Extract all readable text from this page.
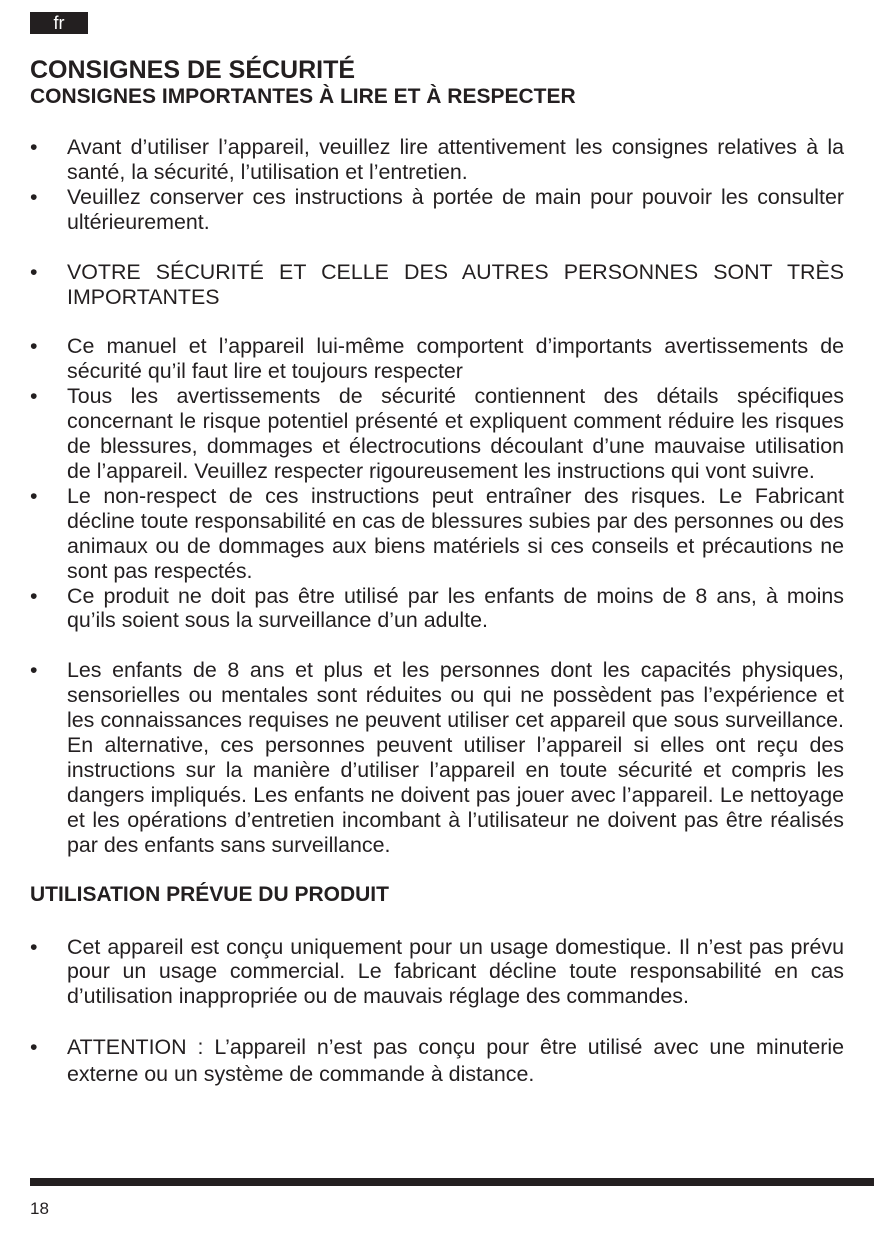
fr
CONSIGNES DE SÉCURITÉ
CONSIGNES IMPORTANTES À LIRE ET À RESPECTER
• Avant d’utiliser l’appareil, veuillez lire attentivement les consignes relatives à la santé, la sécurité, l’utilisation et l’entretien.
• Veuillez conserver ces instructions à portée de main pour pouvoir les consulter ultérieurement.
• VOTRE SÉCURITÉ ET CELLE DES AUTRES PERSONNES SONT TRÈS IMPORTANTES
• Ce manuel et l’appareil lui-même comportent d’importants avertissements de sécurité qu’il faut lire et toujours respecter
• Tous les avertissements de sécurité contiennent des détails spécifiques concernant le risque potentiel présenté et expliquent comment réduire les risques de blessures, dommages et électrocutions découlant d’une mauvaise utilisation de l’appareil. Veuillez respecter rigoureusement les instructions qui vont suivre.
• Le non-respect de ces instructions peut entraîner des risques. Le Fabricant décline toute responsabilité en cas de blessures subies par des personnes ou des animaux ou de dommages aux biens matériels si ces conseils et précautions ne sont pas respectés.
• Ce produit ne doit pas être utilisé par les enfants de moins de 8 ans, à moins qu’ils soient sous la surveillance d’un adulte.
• Les enfants de 8 ans et plus et les personnes dont les capacités physiques, sensorielles ou mentales sont réduites ou qui ne possèdent pas l’expérience et les connaissances requises ne peuvent utiliser cet appareil que sous surveillance. En alternative, ces personnes peuvent utiliser l’appareil si elles ont reçu des instructions sur la manière d’utiliser l’appareil en toute sécurité et compris les dangers impliqués. Les enfants ne doivent pas jouer avec l’appareil. Le nettoyage et les opérations d’entretien incombant à l’utilisateur ne doivent pas être réalisés par des enfants sans surveillance.
UTILISATION PRÉVUE DU PRODUIT
• Cet appareil est conçu uniquement pour un usage domestique. Il n’est pas prévu pour un usage commercial. Le fabricant décline toute responsabilité en cas d’utilisation inappropriée ou de mauvais réglage des commandes.
• ATTENTION : L’appareil n’est pas conçu pour être utilisé avec une minuterie externe ou un système de commande à distance.
18
